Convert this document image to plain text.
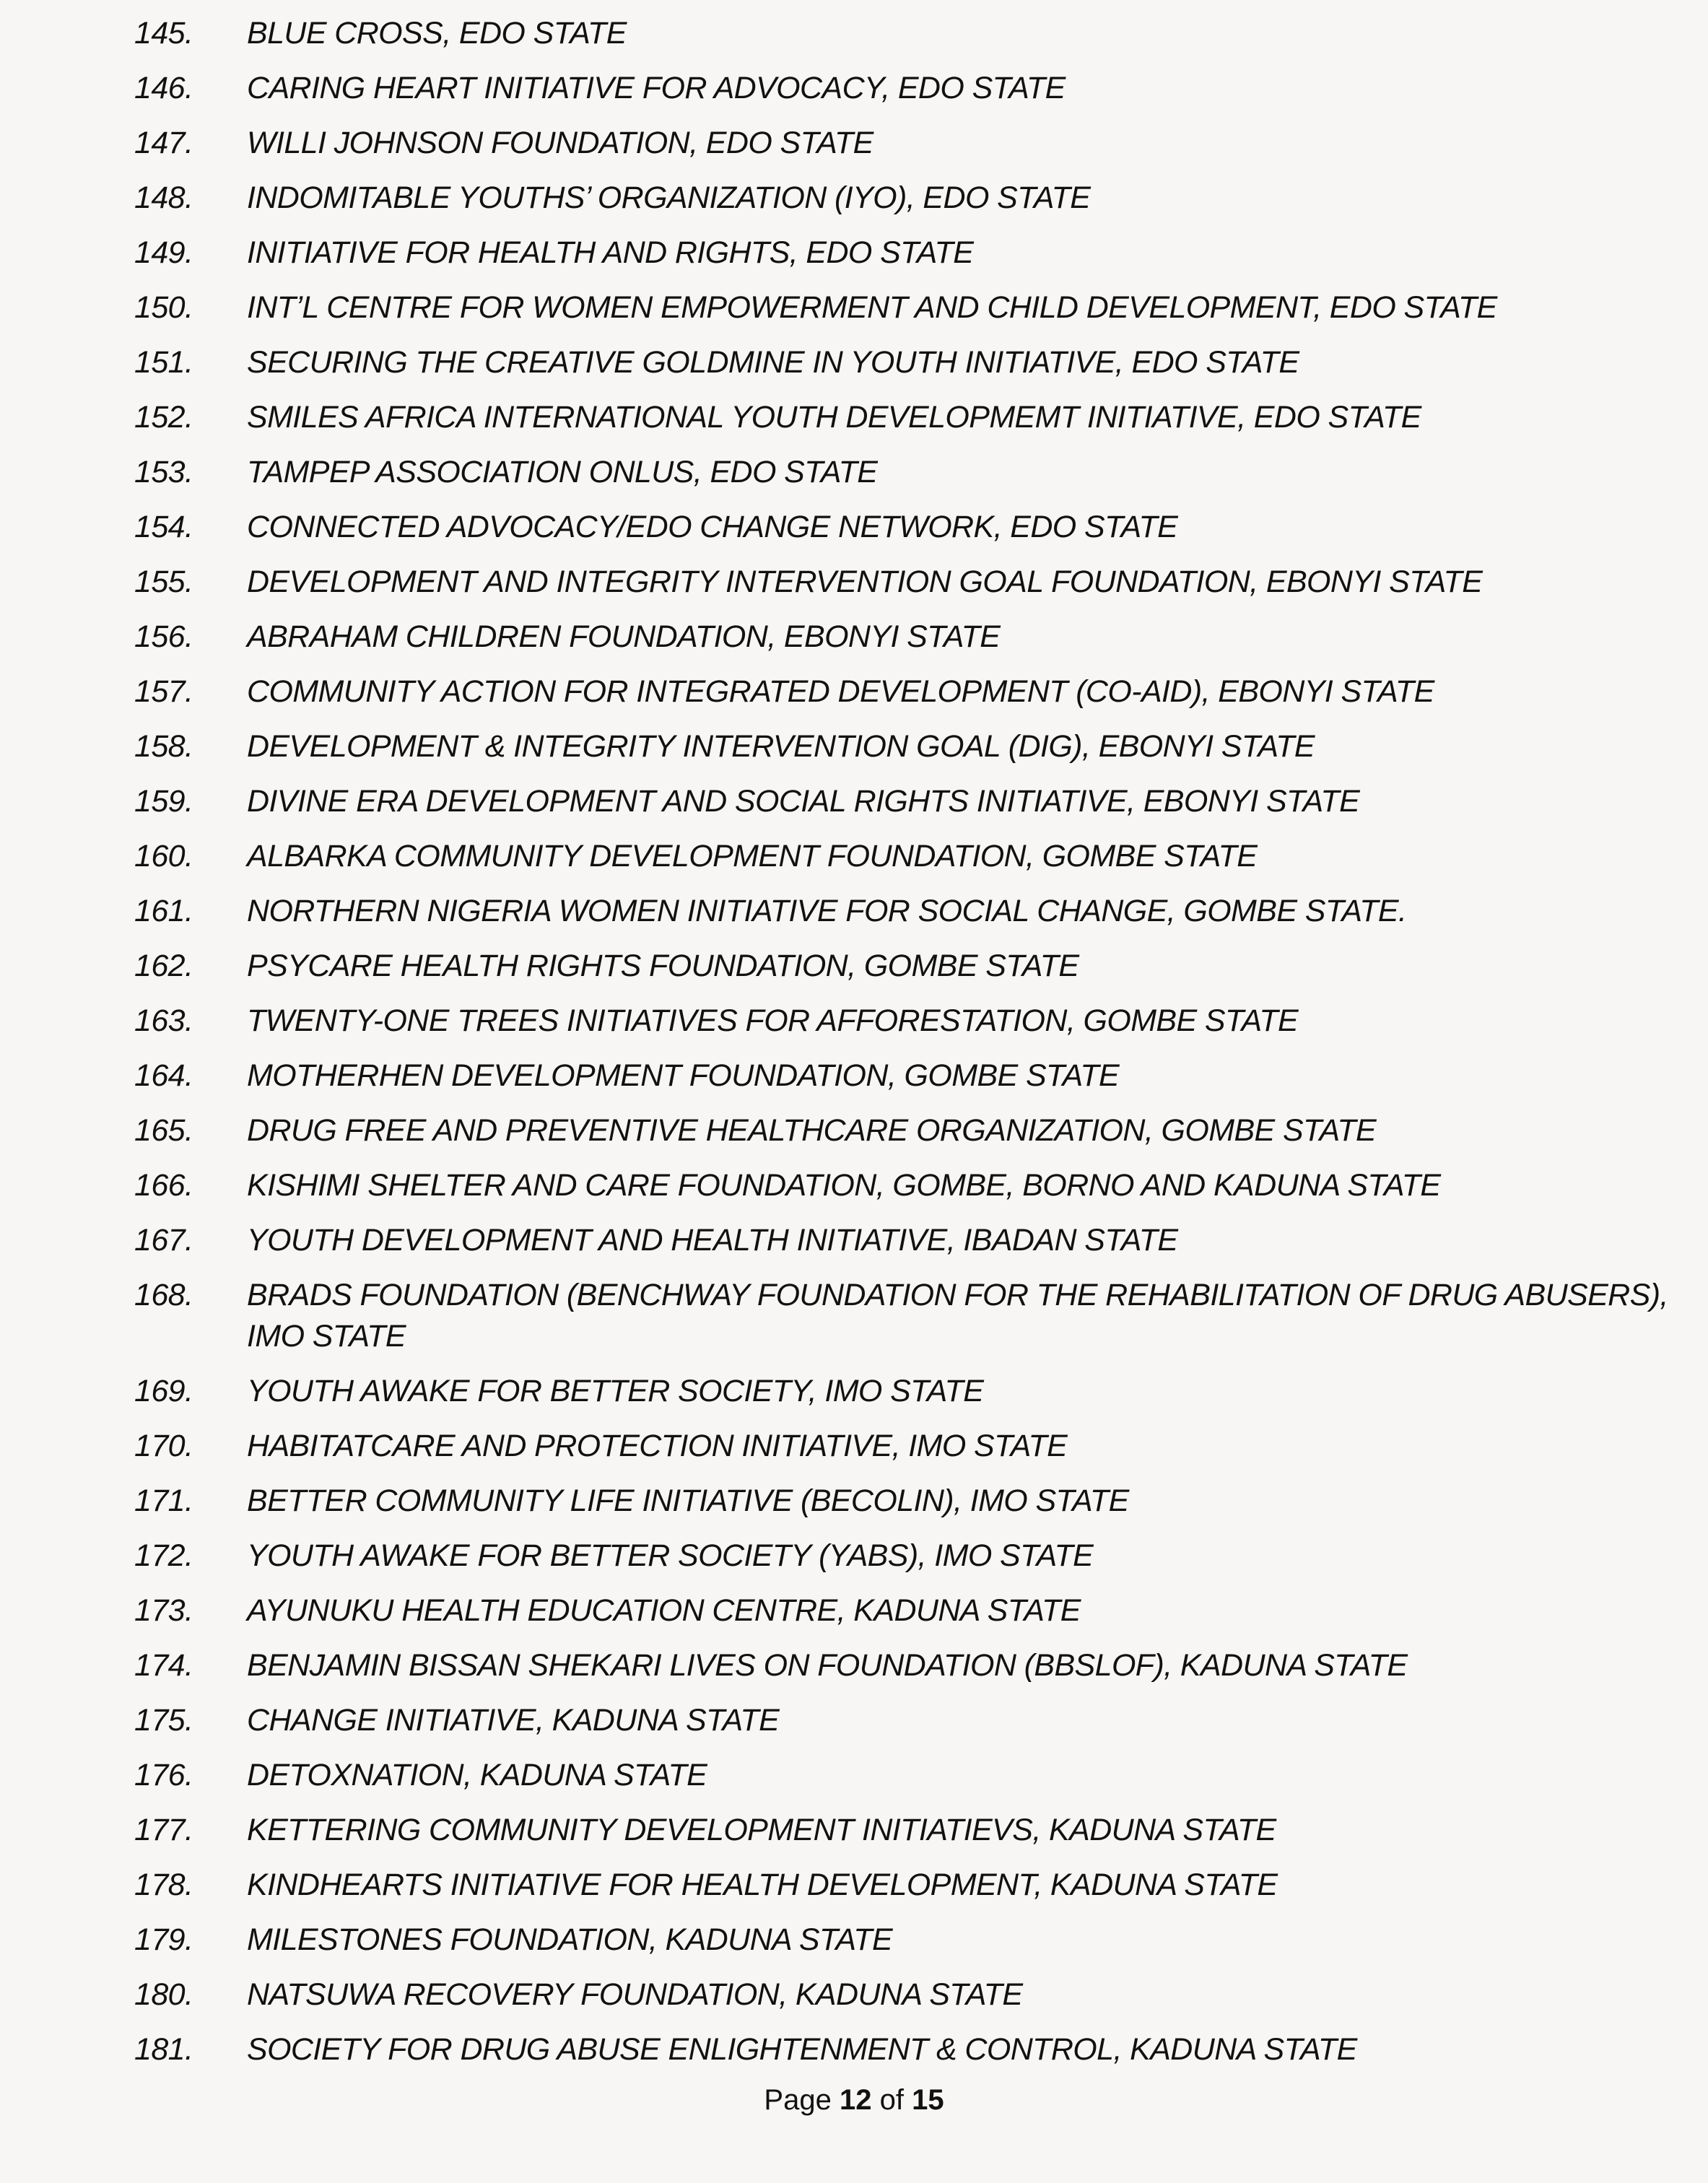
145. BLUE CROSS, EDO STATE
146. CARING HEART INITIATIVE FOR ADVOCACY, EDO STATE
147. WILLI JOHNSON FOUNDATION, EDO STATE
148. INDOMITABLE YOUTHS’ ORGANIZATION (IYO), EDO STATE
149. INITIATIVE FOR HEALTH AND RIGHTS, EDO STATE
150. INT’L CENTRE FOR WOMEN EMPOWERMENT AND CHILD DEVELOPMENT, EDO STATE
151. SECURING THE CREATIVE GOLDMINE IN YOUTH INITIATIVE, EDO STATE
152. SMILES AFRICA INTERNATIONAL YOUTH DEVELOPMEMT INITIATIVE, EDO STATE
153. TAMPEP ASSOCIATION ONLUS, EDO STATE
154. CONNECTED ADVOCACY/EDO CHANGE NETWORK, EDO STATE
155. DEVELOPMENT AND INTEGRITY INTERVENTION GOAL FOUNDATION, EBONYI STATE
156. ABRAHAM CHILDREN FOUNDATION, EBONYI STATE
157. COMMUNITY ACTION FOR INTEGRATED DEVELOPMENT (CO-AID), EBONYI STATE
158. DEVELOPMENT & INTEGRITY INTERVENTION GOAL (DIG), EBONYI STATE
159. DIVINE ERA DEVELOPMENT AND SOCIAL RIGHTS INITIATIVE, EBONYI STATE
160. ALBARKA COMMUNITY DEVELOPMENT FOUNDATION, GOMBE STATE
161. NORTHERN NIGERIA WOMEN INITIATIVE FOR SOCIAL CHANGE, GOMBE STATE.
162. PSYCARE HEALTH RIGHTS FOUNDATION, GOMBE STATE
163. TWENTY-ONE TREES INITIATIVES FOR AFFORESTATION, GOMBE STATE
164. MOTHERHEN DEVELOPMENT FOUNDATION, GOMBE STATE
165. DRUG FREE AND PREVENTIVE HEALTHCARE ORGANIZATION, GOMBE STATE
166. KISHIMI SHELTER AND CARE FOUNDATION, GOMBE, BORNO AND KADUNA STATE
167. YOUTH DEVELOPMENT AND HEALTH INITIATIVE, IBADAN STATE
168. BRADS FOUNDATION (BENCHWAY FOUNDATION FOR THE REHABILITATION OF DRUG ABUSERS),
IMO STATE
169. YOUTH AWAKE FOR BETTER SOCIETY, IMO STATE
170. HABITATCARE AND PROTECTION INITIATIVE, IMO STATE
171. BETTER COMMUNITY LIFE INITIATIVE (BECOLIN), IMO STATE
172. YOUTH AWAKE FOR BETTER SOCIETY (YABS), IMO STATE
173. AYUNUKU HEALTH EDUCATION CENTRE, KADUNA STATE
174. BENJAMIN BISSAN SHEKARI LIVES ON FOUNDATION (BBSLOF), KADUNA STATE
175. CHANGE INITIATIVE, KADUNA STATE
176. DETOXNATION, KADUNA STATE
177. KETTERING COMMUNITY DEVELOPMENT INITIATIEVS, KADUNA STATE
178. KINDHEARTS INITIATIVE FOR HEALTH DEVELOPMENT, KADUNA STATE
179. MILESTONES FOUNDATION, KADUNA STATE
180. NATSUWA RECOVERY FOUNDATION, KADUNA STATE
181. SOCIETY FOR DRUG ABUSE ENLIGHTENMENT & CONTROL, KADUNA STATE
Page 12 of 15
